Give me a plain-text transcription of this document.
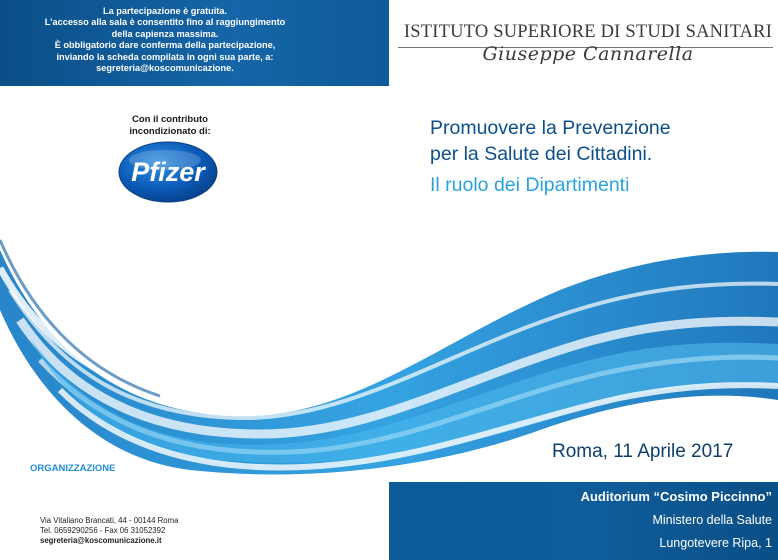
La partecipazione è gratuita.
L'accesso alla sala è consentito fino al raggiungimento
della capienza massima.
È obbligatorio dare conferma della partecipazione,
inviando la scheda compilata in ogni sua parte, a:
segreteria@koscomunicazione.
Con il contributo
incondizionato di:
Pfizer
ISTITUTO SUPERIORE DI STUDI SANITARI
Giuseppe Cannarella
Promuovere la Prevenzione
per la Salute dei Cittadini.
Il ruolo dei Dipartimenti
Roma, 11 Aprile 2017
ORGANIZZAZIONE
Auditorium “Cosimo Piccinno”
Ministero della Salute
Lungotevere Ripa, 1
Via Vitaliano Brancati, 44 - 00144 Roma
Tel. 0659290256 - Fax 06 31052392
segreteria@koscomunicazione.it
